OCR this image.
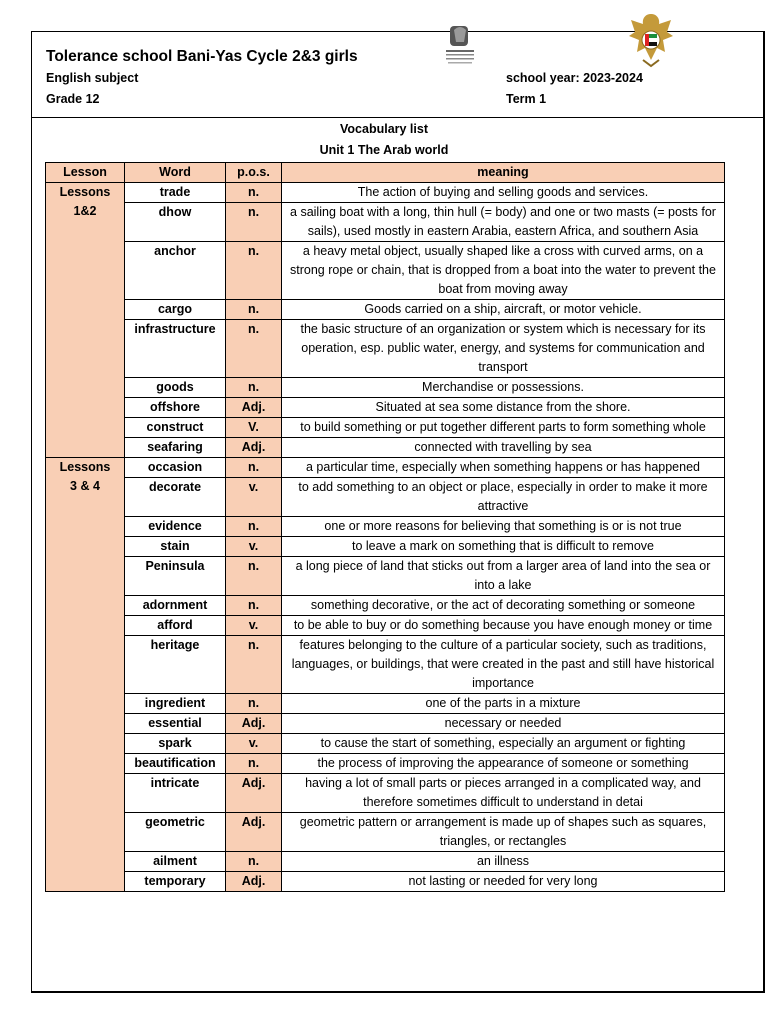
Tolerance school Bani-Yas Cycle 2&3 girls
English subject
Grade 12
school year: 2023-2024
Term 1
Vocabulary list
Unit 1 The Arab world
Lesson	Word	p.o.s.	meaning
Lessons
1&2	trade	n.	The action of buying and selling goods and services.
	dhow	n.	a sailing boat with a long, thin hull (= body) and one or two masts (= posts for sails), used mostly in eastern Arabia, eastern Africa, and southern Asia
	anchor	n.	a heavy metal object, usually shaped like a cross with curved arms, on a strong rope or chain, that is dropped from a boat into the water to prevent the boat from moving away
	cargo	n.	Goods carried on a ship, aircraft, or motor vehicle.
	infrastructure	n.	the basic structure of an organization or system which is necessary for its operation, esp. public water, energy, and systems for communication and transport
	goods	n.	Merchandise or possessions.
	offshore	Adj.	Situated at sea some distance from the shore.
	construct	V.	to build something or put together different parts to form something whole
	seafaring	Adj.	connected with travelling by sea
Lessons
3 & 4	occasion	n.	a particular time, especially when something happens or has happened
	decorate	v.	to add something to an object or place, especially in order to make it more attractive
	evidence	n.	one or more reasons for believing that something is or is not true
	stain	v.	to leave a mark on something that is difficult to remove
	Peninsula	n.	a long piece of land that sticks out from a larger area of land into the sea or into a lake
	adornment	n.	something decorative, or the act of decorating something or someone
	afford	v.	to be able to buy or do something because you have enough money or time
	heritage	n.	features belonging to the culture of a particular society, such as traditions, languages, or buildings, that were created in the past and still have historical importance
	ingredient	n.	one of the parts in a mixture
	essential	Adj.	necessary or needed
	spark	v.	to cause the start of something, especially an argument or fighting
	beautification	n.	the process of improving the appearance of someone or something
	intricate	Adj.	having a lot of small parts or pieces arranged in a complicated way, and therefore sometimes difficult to understand in detai
	geometric	Adj.	geometric pattern or arrangement is made up of shapes such as squares, triangles, or rectangles
	ailment	n.	an illness
	temporary	Adj.	not lasting or needed for very long
